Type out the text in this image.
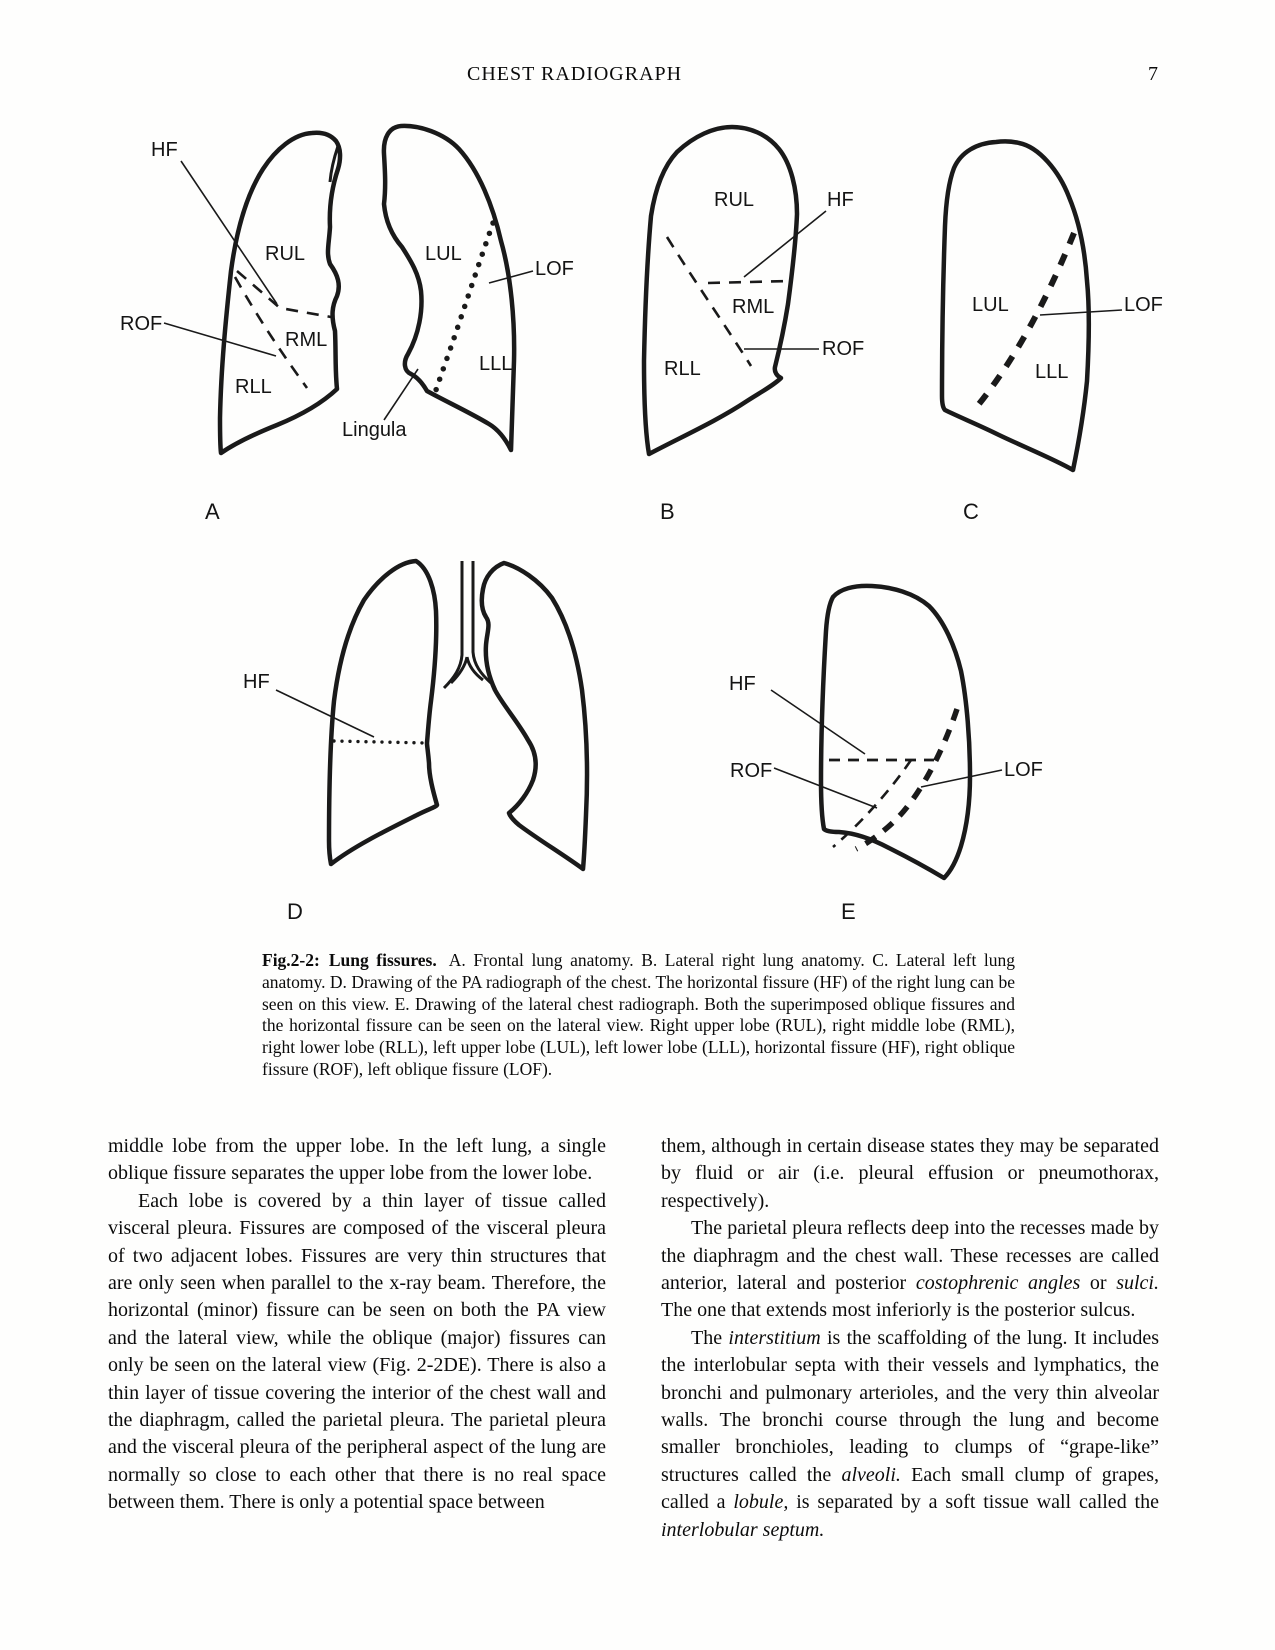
CHEST RADIOGRAPH	7
HF
RUL	LUL
LOF
ROF
RML
LLL
RLL
Lingula
A
RUL	HF
RML
ROF
RLL
B
LUL	LOF
LLL
C
HF
D
HF
ROF	LOF
E
Fig.2-2: Lung fissures. A. Frontal lung anatomy. B. Lateral right lung anatomy. C. Lateral left lung anatomy. D. Drawing of the PA radiograph of the chest. The horizontal fissure (HF) of the right lung can be seen on this view. E. Drawing of the lateral chest radiograph. Both the superimposed oblique fissures and the horizontal fissure can be seen on the lateral view. Right upper lobe (RUL), right middle lobe (RML), right lower lobe (RLL), left upper lobe (LUL), left lower lobe (LLL), horizontal fissure (HF), right oblique fissure (ROF), left oblique fissure (LOF).

middle lobe from the upper lobe. In the left lung, a single oblique fissure separates the upper lobe from the lower lobe.

Each lobe is covered by a thin layer of tissue called visceral pleura. Fissures are composed of the visceral pleura of two adjacent lobes. Fissures are very thin structures that are only seen when parallel to the x-ray beam. Therefore, the horizontal (minor) fissure can be seen on both the PA view and the lateral view, while the oblique (major) fissures can only be seen on the lateral view (Fig. 2-2DE). There is also a thin layer of tissue covering the interior of the chest wall and the diaphragm, called the parietal pleura. The parietal pleura and the visceral pleura of the peripheral aspect of the lung are normally so close to each other that there is no real space between them. There is only a potential space between

them, although in certain disease states they may be separated by fluid or air (i.e. pleural effusion or pneumothorax, respectively).

The parietal pleura reflects deep into the recesses made by the diaphragm and the chest wall. These recesses are called anterior, lateral and posterior costophrenic angles or sulci. The one that extends most inferiorly is the posterior sulcus.

The interstitium is the scaffolding of the lung. It includes the interlobular septa with their vessels and lymphatics, the bronchi and pulmonary arterioles, and the very thin alveolar walls. The bronchi course through the lung and become smaller bronchioles, leading to clumps of “grape-like” structures called the alveoli. Each small clump of grapes, called a lobule, is separated by a soft tissue wall called the interlobular septum.
